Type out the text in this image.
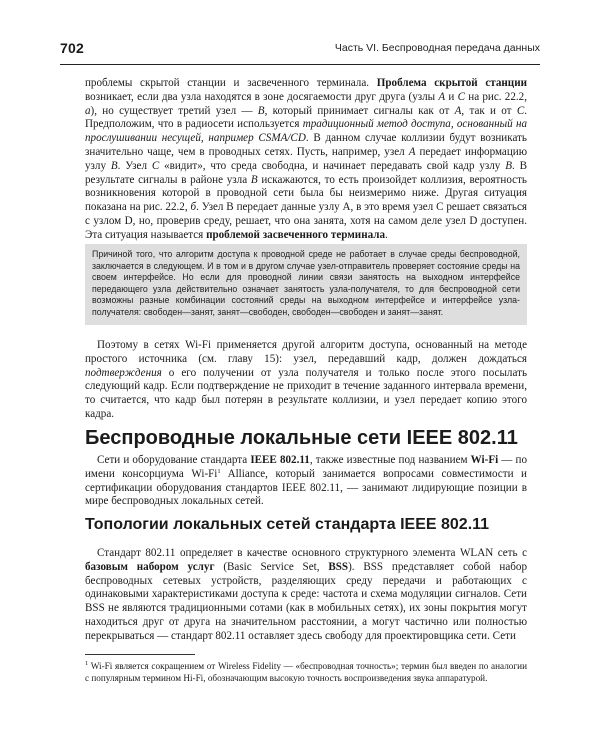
702	Часть VI. Беспроводная передача данных

проблемы скрытой станции и засвеченного терминала. Проблема скрытой станции возникает, если два узла находятся в зоне досягаемости друг друга (узлы A и C на рис. 22.2, а), но существует третий узел — B, который принимает сигналы как от A, так и от C. Предположим, что в радиосети используется традиционный метод доступа, основанный на прослушивании несущей, например CSMA/CD. В данном случае коллизии будут возникать значительно чаще, чем в проводных сетях. Пусть, например, узел A передает информацию узлу B. Узел C «видит», что среда свободна, и начинает передавать свой кадр узлу B. В результате сигналы в районе узла B искажаются, то есть произойдет коллизия, вероятность возникновения которой в проводной сети была бы неизмеримо ниже. Другая ситуация показана на рис. 22.2, б. Узел B передает данные узлу A, в это время узел C решает связаться с узлом D, но, проверив среду, решает, что она занята, хотя на самом деле узел D доступен. Эта ситуация называется проблемой засвеченного терминала.

Причиной того, что алгоритм доступа к проводной среде не работает в случае среды беспроводной, заключается в следующем. И в том и в другом случае узел-отправитель проверяет состояние среды на своем интерфейсе. Но если для проводной линии связи занятость на выходном интерфейсе передающего узла действительно означает занятость узла-получателя, то для беспроводной сети возможны разные комбинации состояний среды на выходном интерфейсе и интерфейсе узла-получателя: свободен—занят, занят—свободен, свободен—свободен и занят—занят.

Поэтому в сетях Wi-Fi применяется другой алгоритм доступа, основанный на методе простого источника (см. главу 15): узел, передавший кадр, должен дождаться подтверждения о его получении от узла получателя и только после этого посылать следующий кадр. Если подтверждение не приходит в течение заданного интервала времени, то считается, что кадр был потерян в результате коллизии, и узел передает копию этого кадра.

Беспроводные локальные сети IEEE 802.11

Сети и оборудование стандарта IEEE 802.11, также известные под названием Wi-Fi — по имени консорциума Wi-Fi$^1$ Alliance, который занимается вопросами совместимости и сертификации оборудования стандартов IEEE 802.11, — занимают лидирующие позиции в мире беспроводных локальных сетей.

Топологии локальных сетей стандарта IEEE 802.11

Стандарт 802.11 определяет в качестве основного структурного элемента WLAN сеть с базовым набором услуг (Basic Service Set, BSS). BSS представляет собой набор беспроводных сетевых устройств, разделяющих среду передачи и работающих с одинаковыми характеристиками доступа к среде: частота и схема модуляции сигналов. Сети BSS не являются традиционными сотами (как в мобильных сетях), их зоны покрытия могут находиться друг от друга на значительном расстоянии, а могут частично или полностью перекрываться — стандарт 802.11 оставляет здесь свободу для проектировщика сети. Сети

$^1$ Wi-Fi является сокращением от Wireless Fidelity — «беспроводная точность»; термин был введен по аналогии с популярным термином Hi-Fi, обозначающим высокую точность воспроизведения звука аппаратурой.
